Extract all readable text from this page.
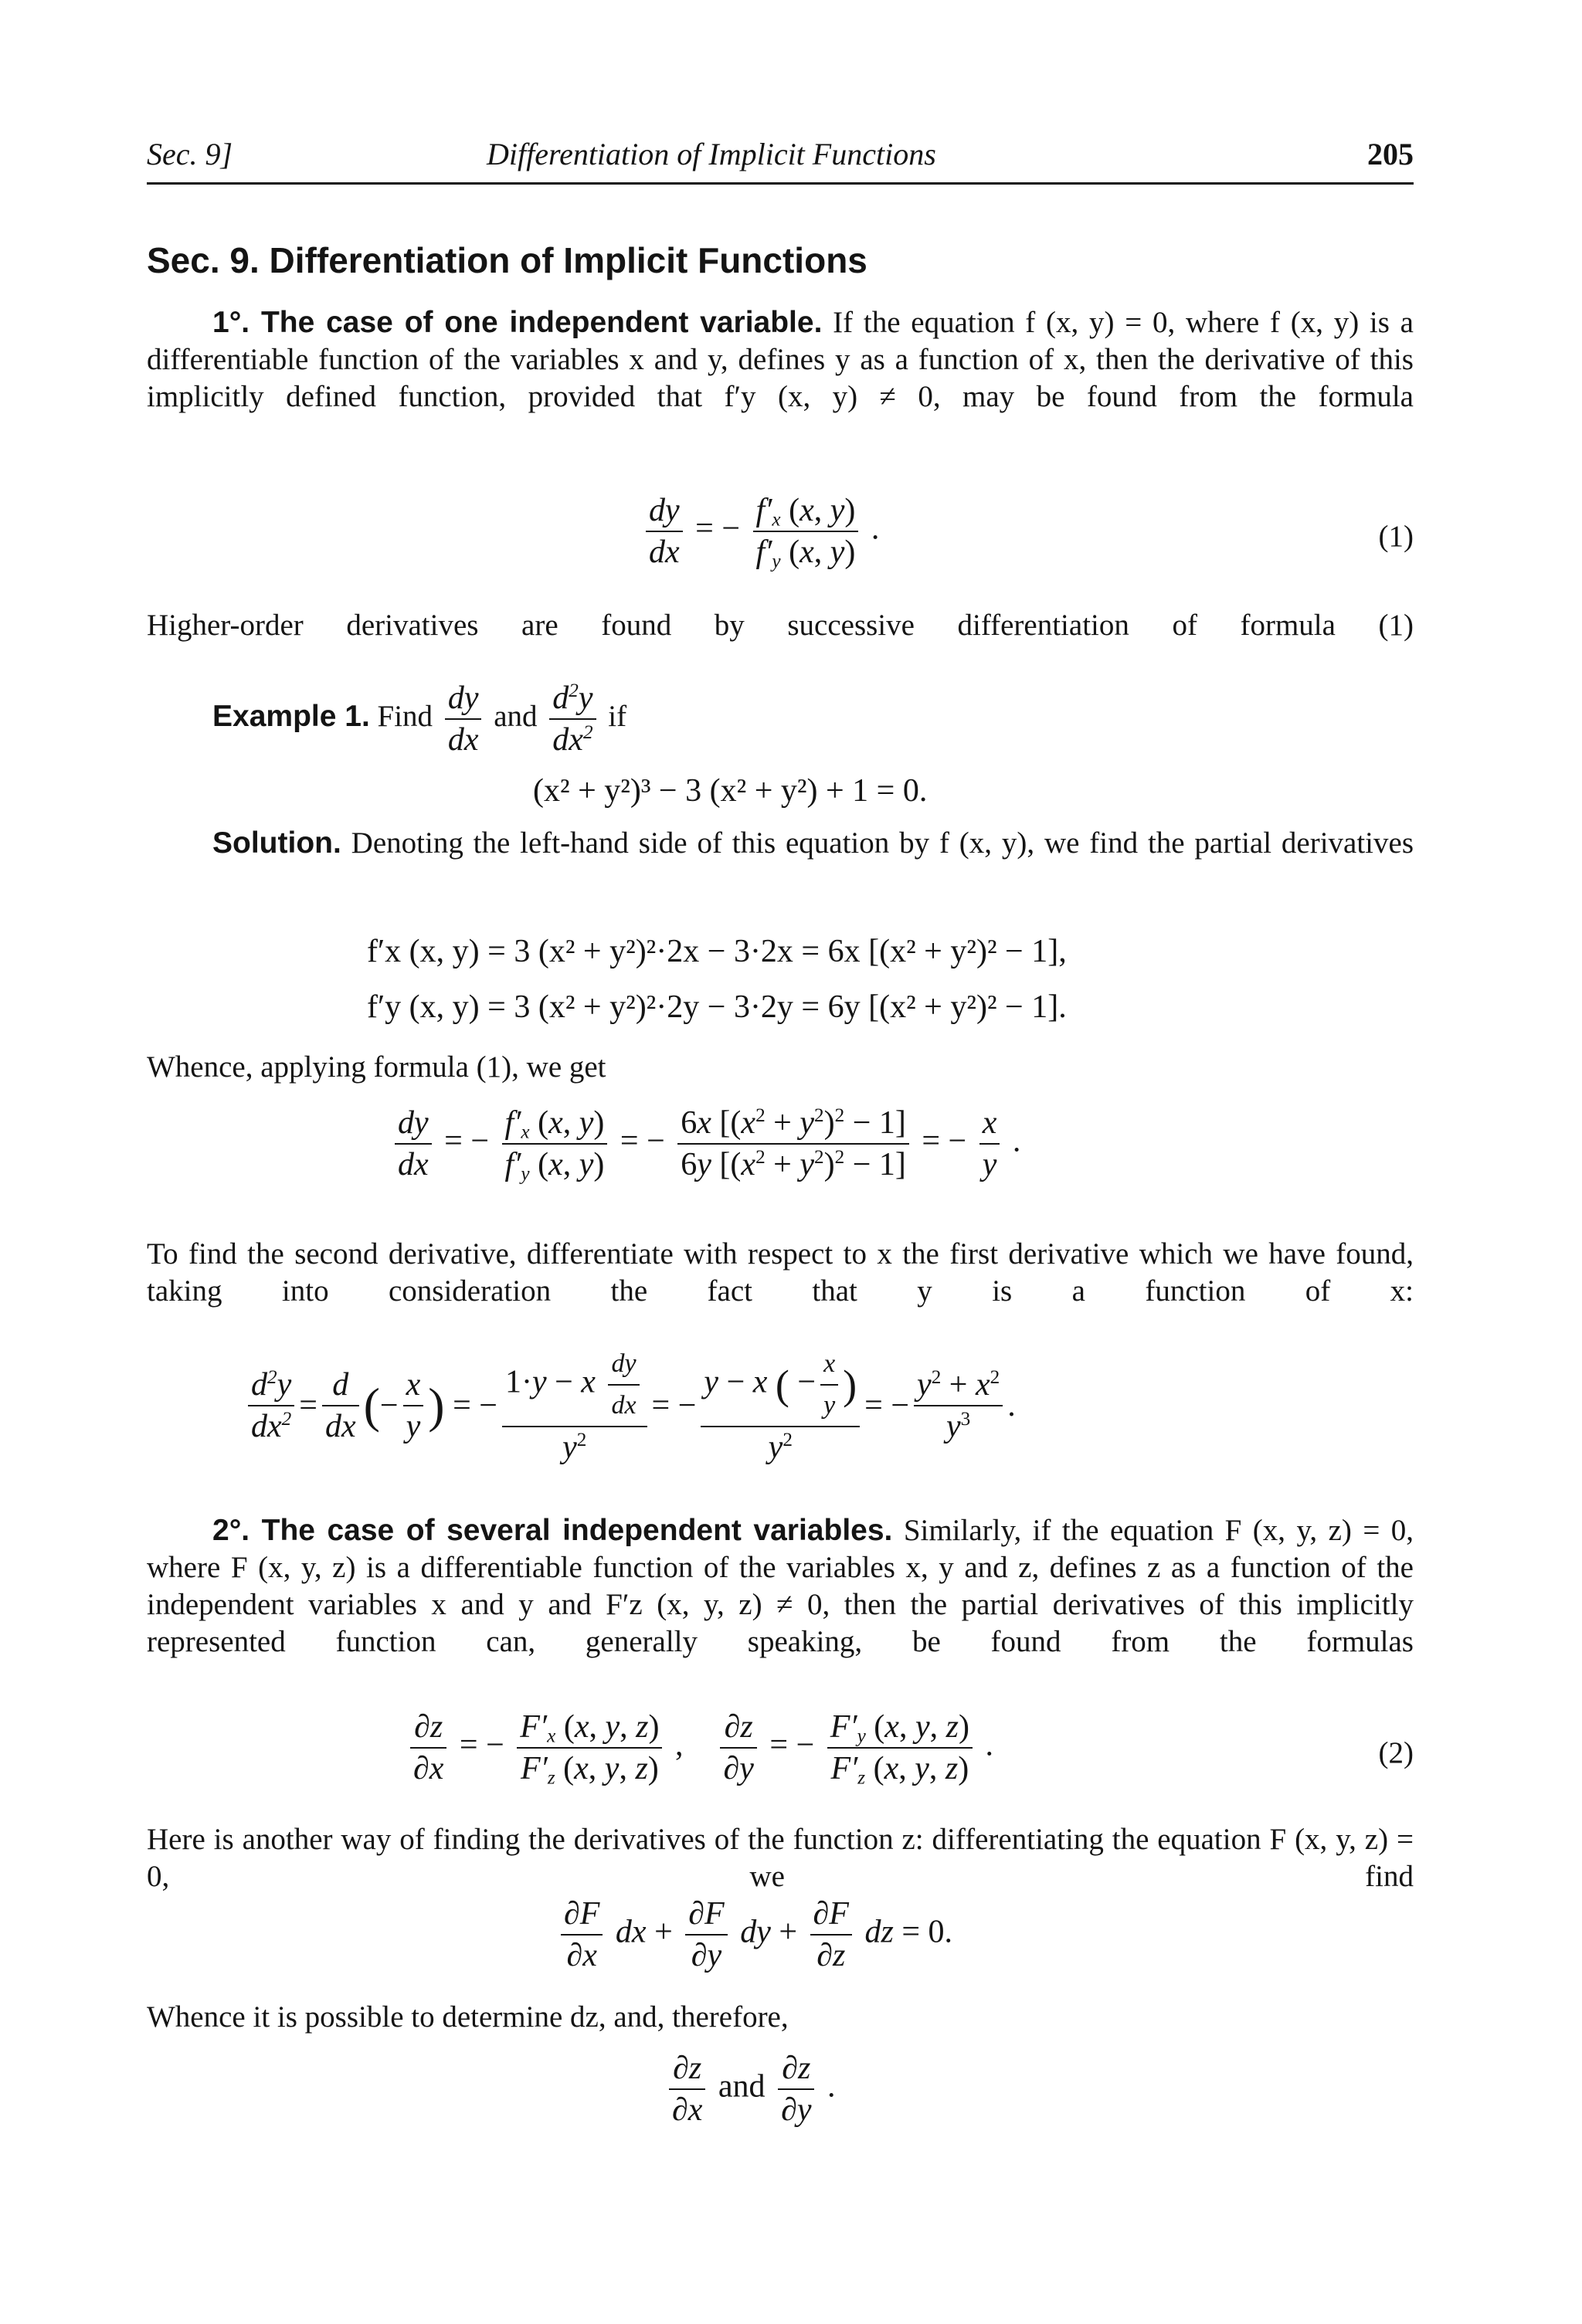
Sec. 9]	Differentiation of Implicit Functions	205
Sec. 9. Differentiation of Implicit Functions
1°. The case of one independent variable. If the equation f (x, y) = 0, where f (x, y) is a differentiable function of the variables x and y, defines y as a function of x, then the derivative of this implicitly defined function, provided that f′y (x, y) ≠ 0, may be found from the formula
$\frac{dy}{dx}$ = − $\frac{f'_x (x, y)}{f'_y (x, y)}$ .	(1)
Higher-order derivatives are found by successive differentiation of formula (1)
Example 1. Find $\frac{dy}{dx}$ and $\frac{d^2y}{dx^2}$ if
(x² + y²)³ − 3 (x² + y²) + 1 = 0.
Solution. Denoting the left-hand side of this equation by f (x, y), we find the partial derivatives
f′x (x, y) = 3 (x² + y²)²·2x − 3·2x = 6x [(x² + y²)² − 1],
f′y (x, y) = 3 (x² + y²)²·2y − 3·2y = 6y [(x² + y²)² − 1].
Whence, applying formula (1), we get
$\frac{dy}{dx}$ = − $\frac{f'_x (x, y)}{f'_y (x, y)}$ = − $\frac{6x [(x^2 + y^2)^2 - 1]}{6y [(x^2 + y^2)^2 - 1]}$ = − $\frac{x}{y}$ .
To find the second derivative, differentiate with respect to x the first derivative which we have found, taking into consideration the fact that y is a function of x:
$\frac{d^2y}{dx^2} = \frac{d}{dx}$ ( − $\frac{x}{y}$ ) = − $\frac{1\cdot y - x \frac{dy}{dx}}{y^2}$ = − $\frac{y - x ( - \frac{x}{y} )}{y^2}$ = − $\frac{y^2 + x^2}{y^3}$ .
2°. The case of several independent variables. Similarly, if the equation F (x, y, z) = 0, where F (x, y, z) is a differentiable function of the variables x, y and z, defines z as a function of the independent variables x and y and F′z (x, y, z) ≠ 0, then the partial derivatives of this implicitly represented function can, generally speaking, be found from the formulas
$\frac{\partial z}{\partial x}$ = − $\frac{F'_x (x, y, z)}{F'_z (x, y, z)}$ , $\frac{\partial z}{\partial y}$ = − $\frac{F'_y (x, y, z)}{F'_z (x, y, z)}$ .	(2)
Here is another way of finding the derivatives of the function z: differentiating the equation F (x, y, z) = 0, we find
$\frac{\partial F}{\partial x}$ dx + $\frac{\partial F}{\partial y}$ dy + $\frac{\partial F}{\partial z}$ dz = 0.
Whence it is possible to determine dz, and, therefore,
$\frac{\partial z}{\partial x}$ and $\frac{\partial z}{\partial y}$ .
